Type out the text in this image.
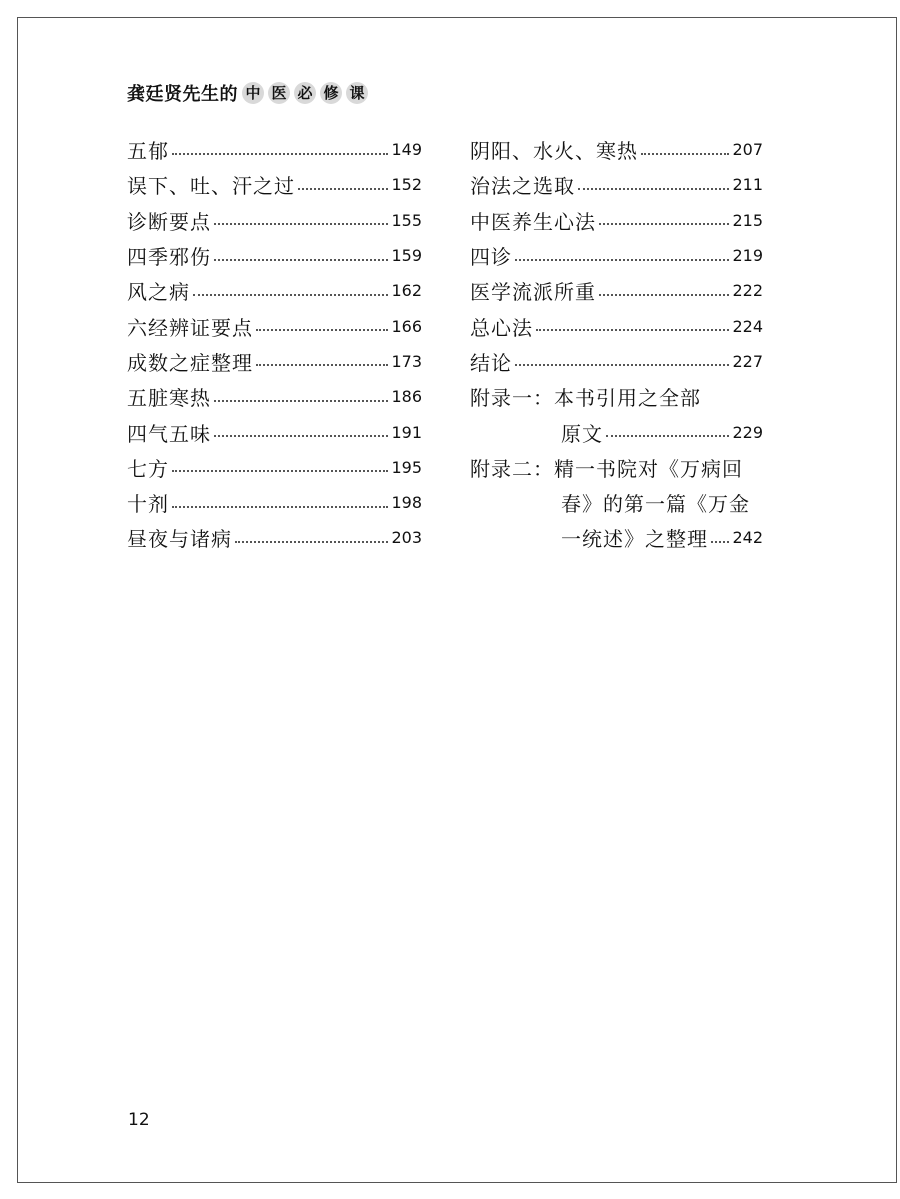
龚廷贤先生的 中 医 必 修 课
五郁	149
误下、吐、汗之过	152
诊断要点	155
四季邪伤	159
风之病	162
六经辨证要点	166
成数之症整理	173
五脏寒热	186
四气五味	191
七方	195
十剂	198
昼夜与诸病	203
阴阳、水火、寒热	207
治法之选取	211
中医养生心法	215
四诊	219
医学流派所重	222
总心法	224
结论	227
附录一：本书引用之全部
原文	229
附录二：精一书院对《万病回
春》的第一篇《万金
一统述》之整理 242
12
